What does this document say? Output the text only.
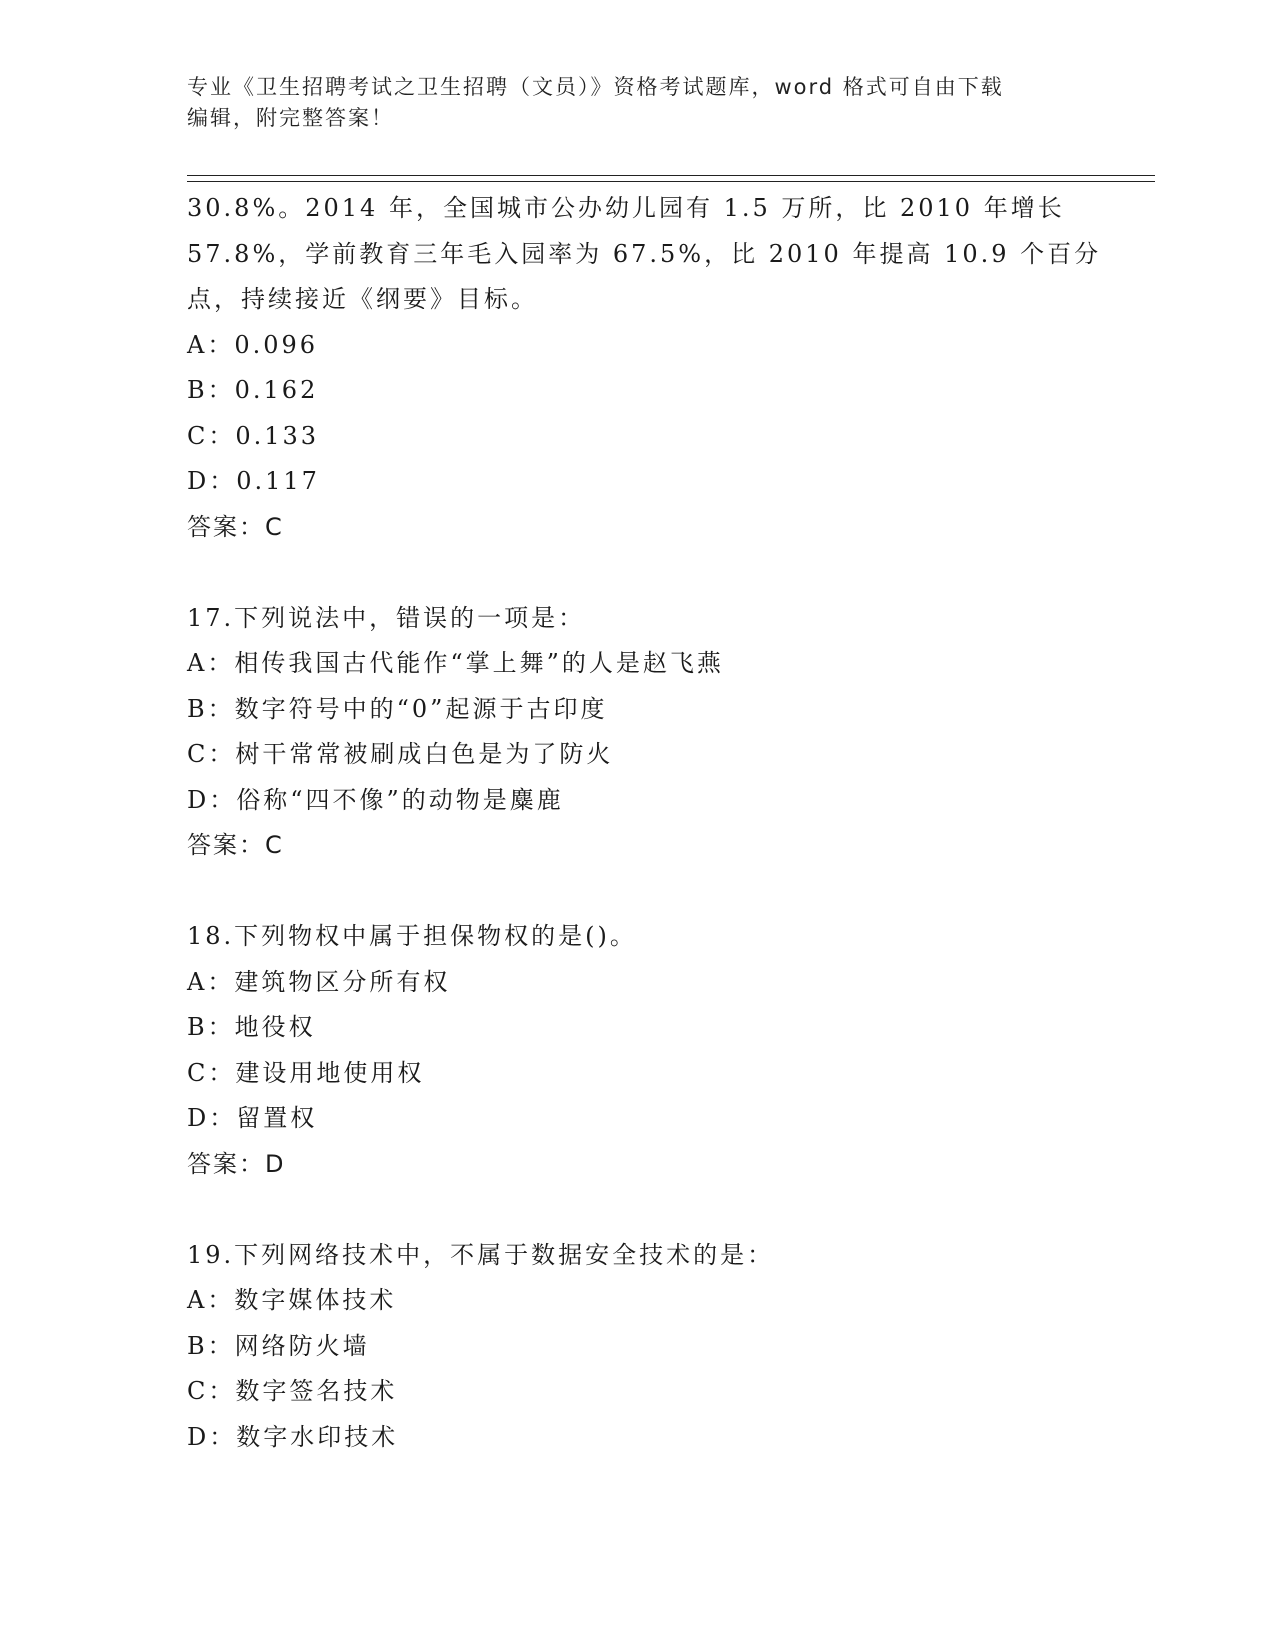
专业《卫生招聘考试之卫生招聘（文员）》资格考试题库，word 格式可自由下载
编辑，附完整答案！
30.8%。2014 年，全国城市公办幼儿园有 1.5 万所，比 2010 年增长
57.8%，学前教育三年毛入园率为 67.5%，比 2010 年提高 10.9 个百分
点，持续接近《纲要》目标。
A：0.096
B：0.162
C：0.133
D：0.117
答案：C
17.下列说法中，错误的一项是：
A：相传我国古代能作“掌上舞”的人是赵飞燕
B：数字符号中的“0”起源于古印度
C：树干常常被刷成白色是为了防火
D：俗称“四不像”的动物是麋鹿
答案：C
18.下列物权中属于担保物权的是()。
A：建筑物区分所有权
B：地役权
C：建设用地使用权
D：留置权
答案：D
19.下列网络技术中，不属于数据安全技术的是：
A：数字媒体技术
B：网络防火墙
C：数字签名技术
D：数字水印技术
